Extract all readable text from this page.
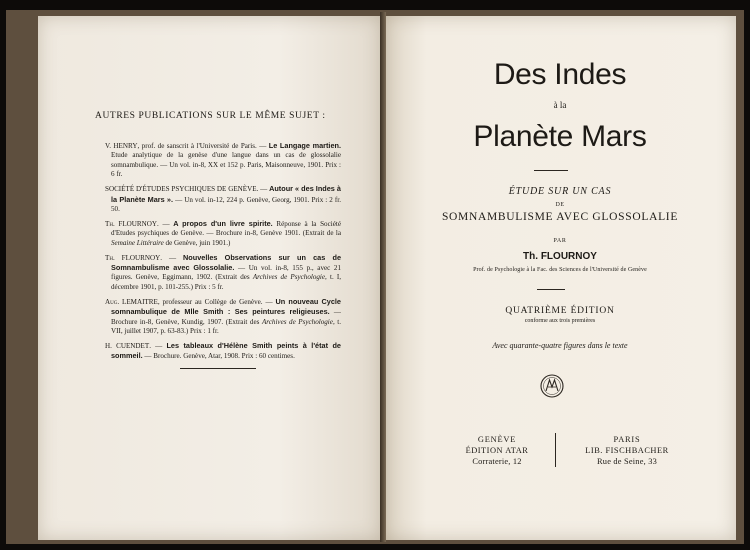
AUTRES PUBLICATIONS SUR LE MÊME SUJET :
V. HENRY, prof. de sanscrit à l'Université de Paris. — Le Langage martien. Etude analytique de la genèse d'une langue dans un cas de glossolalie somnambulique. — Un vol. in-8, XX et 152 p. Paris, Maisonneuve, 1901. Prix : 6 fr.
SOCIÉTÉ D'ÉTUDES PSYCHIQUES DE GENÈVE. — Autour « des Indes à la Planète Mars ». — Un vol. in-12, 224 p. Genève, Georg, 1901. Prix : 2 fr. 50.
Th. FLOURNOY. — A propos d'un livre spirite. Réponse à la Société d'Etudes psychiques de Genève. — Brochure in-8, Genève 1901. (Extrait de la Semaine Littéraire de Genève, juin 1901.)
Th. FLOURNOY. — Nouvelles Observations sur un cas de Somnambulisme avec Glossolalie. — Un vol. in-8, 155 p., avec 21 figures. Genève, Eggimann, 1902. (Extrait des Archives de Psychologie, t. I, décembre 1901, p. 101-255.) Prix : 5 fr.
Aug. LEMAITRE, professeur au Collège de Genève. — Un nouveau Cycle somnambulique de Mlle Smith : Ses peintures religieuses. — Brochure in-8, Genève, Kundig, 1907. (Extrait des Archives de Psychologie, t. VII, juillet 1907, p. 63-83.) Prix : 1 fr.
H. CUENDET. — Les tableaux d'Hélène Smith peints à l'état de sommeil. — Brochure. Genève, Atar, 1908. Prix : 60 centimes.
Des Indes
à la
Planète Mars
ÉTUDE SUR UN CAS
DE
SOMNAMBULISME AVEC GLOSSOLALIE
PAR
Th. FLOURNOY
Prof. de Psychologie à la Fac. des Sciences de l'Université de Genève
QUATRIÈME ÉDITION
conforme aux trois premières
Avec quarante-quatre figures dans le texte
GENÈVE
ÉDITION ATAR
Corraterie, 12
PARIS
LIB. FISCHBACHER
Rue de Seine, 33
